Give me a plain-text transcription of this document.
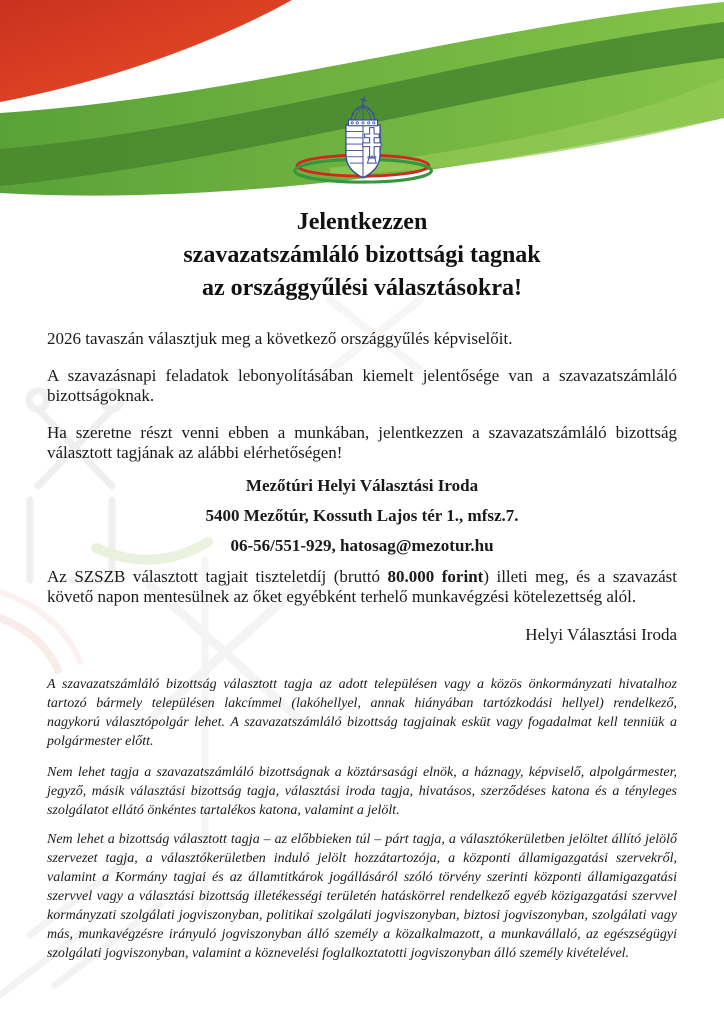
Jelentkezzen
szavazatszámláló bizottsági tagnak
az országgyűlési választásokra!

2026 tavaszán választjuk meg a következő országgyűlés képviselőit.

A szavazásnapi feladatok lebonyolításában kiemelt jelentősége van a szavazatszámláló bizottságoknak.

Ha szeretne részt venni ebben a munkában, jelentkezzen a szavazatszámláló bizottság választott tagjának az alábbi elérhetőségen!

Mezőtúri Helyi Választási Iroda

5400 Mezőtúr, Kossuth Lajos tér 1., mfsz.7.

06-56/551-929, hatosag@mezotur.hu

Az SZSZB választott tagjait tiszteletdíj (bruttó 80.000 forint) illeti meg, és a szavazást követő napon mentesülnek az őket egyébként terhelő munkavégzési kötelezettség alól.

Helyi Választási Iroda

A szavazatszámláló bizottság választott tagja az adott településen vagy a közös önkormányzati hivatalhoz tartozó bármely településen lakcímmel (lakóhellyel, annak hiányában tartózkodási hellyel) rendelkező, nagykorú választópolgár lehet. A szavazatszámláló bizottság tagjainak esküt vagy fogadalmat kell tenniük a polgármester előtt.

Nem lehet tagja a szavazatszámláló bizottságnak a köztársasági elnök, a háznagy, képviselő, alpolgármester, jegyző, másik választási bizottság tagja, választási iroda tagja, hivatásos, szerződéses katona és a tényleges szolgálatot ellátó önkéntes tartalékos katona, valamint a jelölt.

Nem lehet a bizottság választott tagja – az előbbieken túl – párt tagja, a választókerületben jelöltet állító jelölő szervezet tagja, a választókerületben induló jelölt hozzátartozója, a központi államigazgatási szervekről, valamint a Kormány tagjai és az államtitkárok jogállásáról szóló törvény szerinti központi államigazgatási szervvel vagy a választási bizottság illetékességi területén hatáskörrel rendelkező egyéb közigazgatási szervvel kormányzati szolgálati jogviszonyban, politikai szolgálati jogviszonyban, biztosi jogviszonyban, szolgálati vagy más, munkavégzésre irányuló jogviszonyban álló személy a közalkalmazott, a munkavállaló, az egészségügyi szolgálati jogviszonyban, valamint a köznevelési foglalkoztatotti jogviszonyban álló személy kivételével.
